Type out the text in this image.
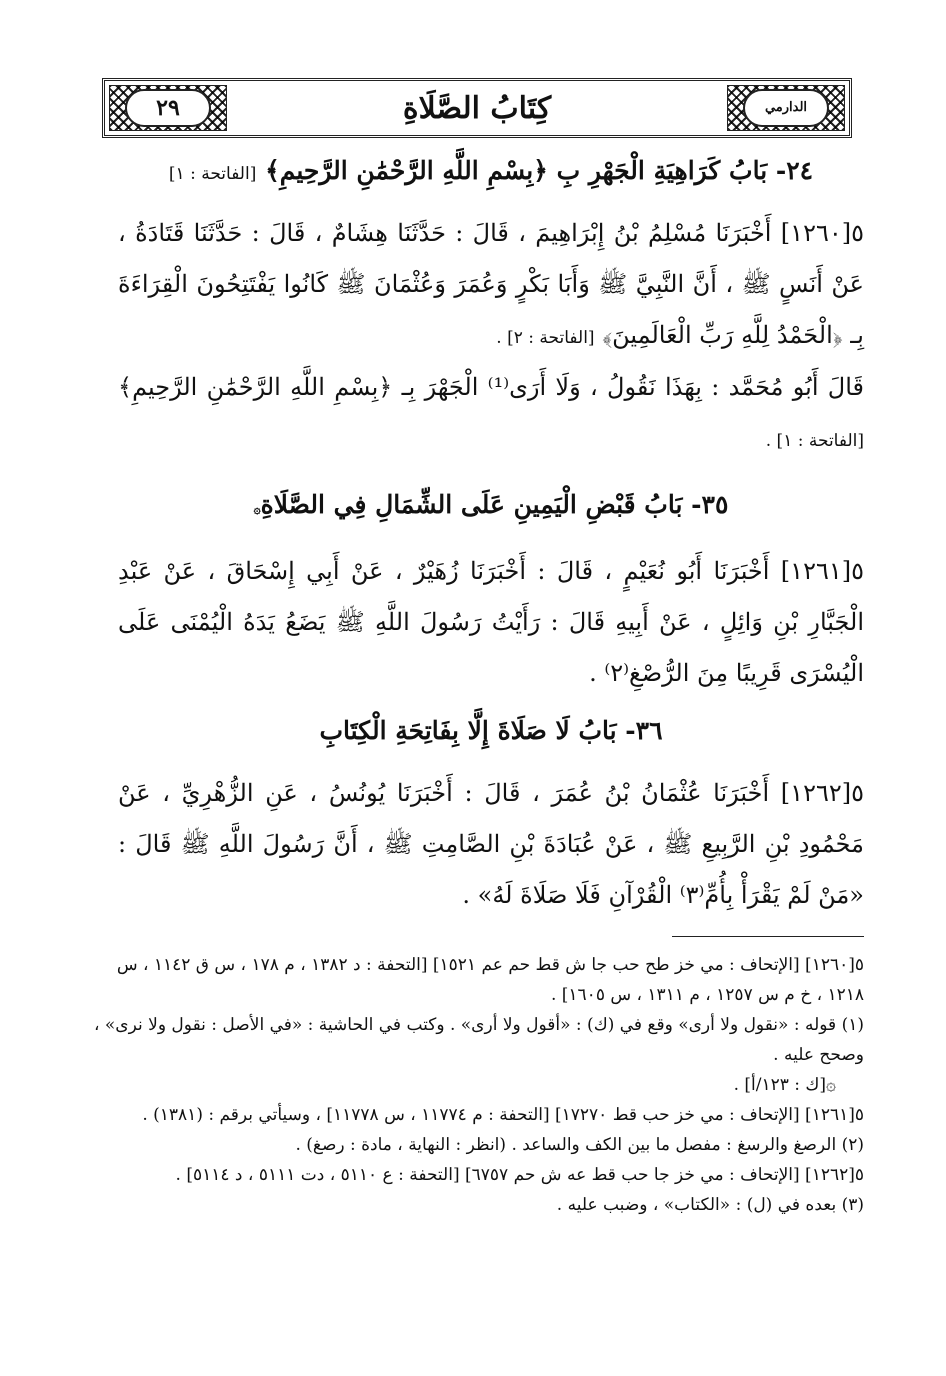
٢٩	الدارمي
كِتَابُ الصَّلَاةِ
٢٤- بَابُ كَرَاهِيَةِ الْجَهْرِ بِ ﴿بِسْمِ اللَّهِ الرَّحْمَٰنِ الرَّحِيمِ﴾ [الفاتحة : ١]
٥[١٢٦٠] أَخْبَرَنَا مُسْلِمُ بْنُ إِبْرَاهِيمَ ، قَالَ : حَدَّثَنَا هِشَامٌ ، قَالَ : حَدَّثَنَا قَتَادَةُ ، عَنْ أَنَسٍ ﷺ ، أَنَّ النَّبِيَّ ﷺ وَأَبَا بَكْرٍ وَعُمَرَ وَعُثْمَانَ ﷺ كَانُوا يَفْتَتِحُونَ الْقِرَاءَةَ بِـ ﴿الْحَمْدُ لِلَّهِ رَبِّ الْعَالَمِينَ﴾ [الفاتحة : ٢] .
قَالَ أَبُو مُحَمَّد : بِهَذَا نَقُولُ ، وَلَا أَرَى⁽¹⁾ الْجَهْرَ بِـ ﴿بِسْمِ اللَّهِ الرَّحْمَٰنِ الرَّحِيمِ﴾ [الفاتحة : ١] .
٣٥- بَابُ قَبْضِ الْيَمِينِ عَلَى الشِّمَالِ فِي الصَّلَاةِ۞
٥[١٢٦١] أَخْبَرَنَا أَبُو نُعَيْمٍ ، قَالَ : أَخْبَرَنَا زُهَيْرٌ ، عَنْ أَبِي إِسْحَاقَ ، عَنْ عَبْدِ الْجَبَّارِ بْنِ وَائِلٍ ، عَنْ أَبِيهِ قَالَ : رَأَيْتُ رَسُولَ اللَّهِ ﷺ يَضَعُ يَدَهُ الْيُمْنَى عَلَى الْيُسْرَى قَرِيبًا مِنَ الرُّصْغِ⁽٢⁾ .
٣٦- بَابُ لَا صَلَاةَ إِلَّا بِفَاتِحَةِ الْكِتَابِ
٥[١٢٦٢] أَخْبَرَنَا عُثْمَانُ بْنُ عُمَرَ ، قَالَ : أَخْبَرَنَا يُونُسُ ، عَنِ الزُّهْرِيِّ ، عَنْ مَحْمُودِ بْنِ الرَّبِيعِ ﷺ ، عَنْ عُبَادَةَ بْنِ الصَّامِتِ ﷺ ، أَنَّ رَسُولَ اللَّهِ ﷺ قَالَ : «مَنْ لَمْ يَقْرَأْ بِأُمِّ⁽٣⁾ الْقُرْآنِ فَلَا صَلَاةَ لَهُ» .

٥[١٢٦٠] [الإتحاف : مي خز طح حب جا ش قط حم عم ١٥٢١] [التحفة : د ١٣٨٢ ، م ١٧٨ ، س ق ١١٤٢ ، س ١٢١٨ ، خ م س ١٢٥٧ ، م ١٣١١ ، س ١٦٠٥] .

(١) قوله : «نقول ولا أرى» وقع في (ك) : «أقول ولا أرى» . وكتب في الحاشية : «في الأصل : نقول ولا نرى» ، وصحح عليه .

۞[ك : ١٢٣/أ] .

٥[١٢٦١] [الإتحاف : مي خز حب قط ١٧٢٧٠] [التحفة : م ١١٧٧٤ ، س ١١٧٧٨] ، وسيأتي برقم : (١٣٨١) .

(٢) الرصغ والرسغ : مفصل ما بين الكف والساعد . (انظر : النهاية ، مادة : رصغ) .

٥[١٢٦٢] [الإتحاف : مي خز جا حب قط عه ش حم ٦٧٥٧] [التحفة : ع ٥١١٠ ، دت ٥١١١ ، د ٥١١٤] .

(٣) بعده في (ل) : «الكتاب» ، وضبب عليه .
